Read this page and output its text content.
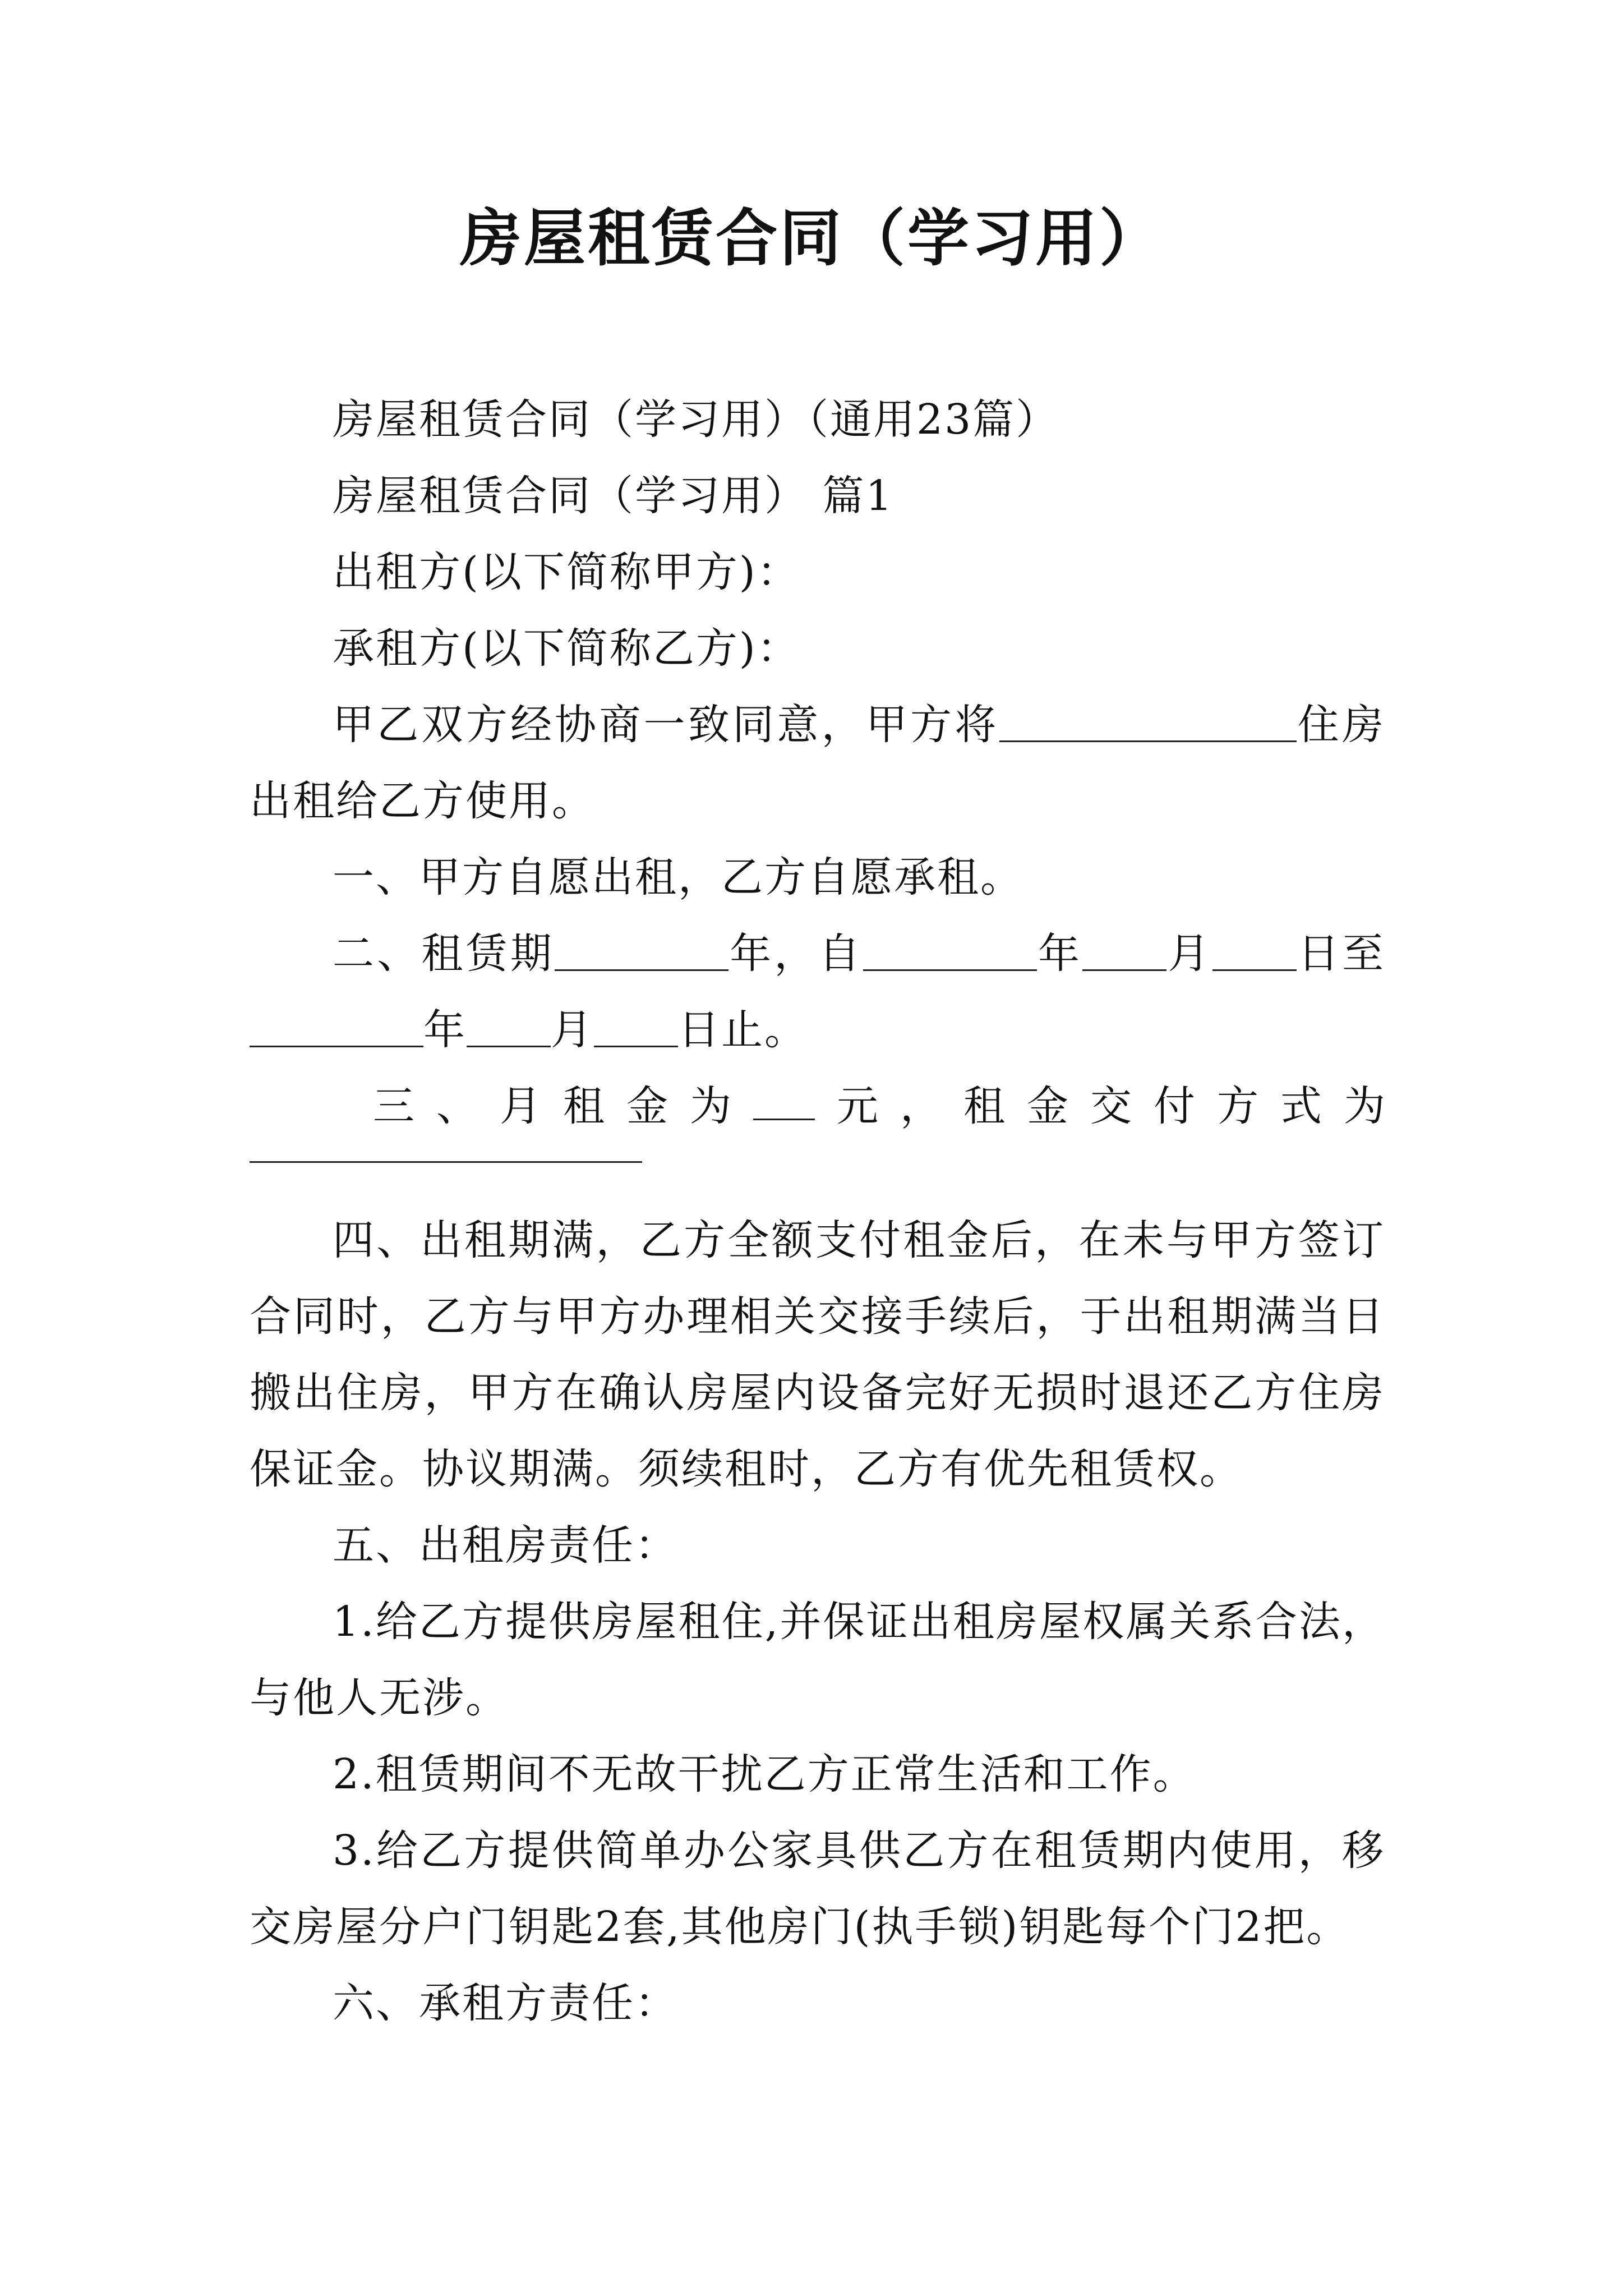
房屋租赁合同（学习用）

房屋租赁合同（学习用）（通用23篇）

房屋租赁合同（学习用） 篇1

出租方(以下简称甲方)：

承租方(以下简称乙方)：

甲乙双方经协商一致同意，甲方将	住房出租给乙方使用。

一、甲方自愿出租，乙方自愿承租。

二、租赁期	年，自	年 月 日至年 月 日止。

三 、 月 租 金 为	元 ， 租 金 交 付 方 式 为

四、出租期满，乙方全额支付租金后，在未与甲方签订合同时，乙方与甲方办理相关交接手续后，于出租期满当日搬出住房，甲方在确认房屋内设备完好无损时退还乙方住房保证金。协议期满。须续租时，乙方有优先租赁权。

五、出租房责任：

1.给乙方提供房屋租住,并保证出租房屋权属关系合法，与他人无涉。

2.租赁期间不无故干扰乙方正常生活和工作。

3.给乙方提供简单办公家具供乙方在租赁期内使用，移交房屋分户门钥匙2套,其他房门(执手锁)钥匙每个门2把。

六、承租方责任：
